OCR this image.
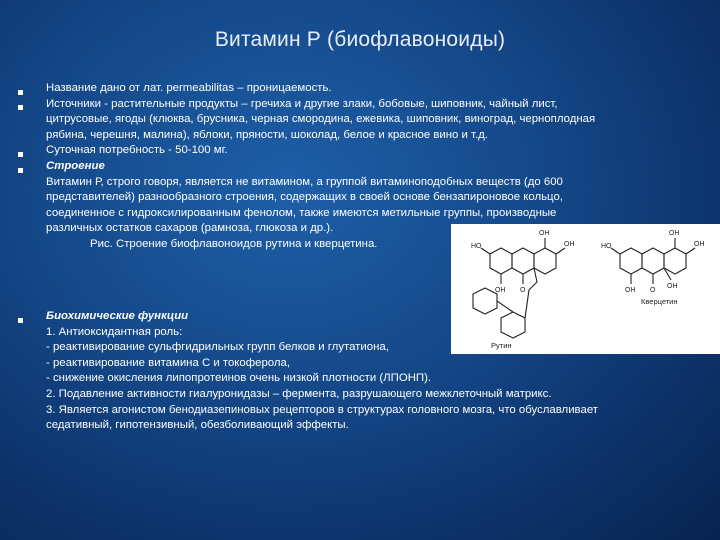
Витамин Р (биофлавоноиды)
Название дано от лат. permeabilitas – проницаемость.
Источники - растительные продукты – гречиха и другие злаки, бобовые, шиповник, чайный лист,
цитрусовые, ягоды (клюква, брусника, черная смородина, ежевика, шиповник, виноград, черноплодная
рябина, черешня, малина), яблоки, пряности, шоколад, белое и красное вино и т.д.
Суточная потребность - 50-100 мг.
Строение
Витамин Р, строго говоря, является не витамином, а группой витаминоподобных веществ (до 600
представителей) разнообразного строения, содержащих в своей основе бензапироновое кольцо,
соединенное с гидроксилированным фенолом, также имеются метильные группы, производные
различных остатков сахаров (рамноза, глюкоза и др.).
Рис. Строение биофлавоноидов рутина и кверцетина.
Биохимические функции
1. Антиоксидантная роль:
- реактивирование сульфгидрильных групп белков и глутатиона,
- реактивирование витамина С и токоферола,
- снижение окисления липопротеинов очень низкой плотности (ЛПОНП).
2. Подавление активности гиалуронидазы – фермента, разрушающего межклеточный матрикс.
3. Является агонистом бенодиазепиновых рецепторов в структурах головного мозга, что обуславливает
седативный, гипотензивный, обезболивающий эффекты.
HO
OH
OH
OH O
HO
OH
OH
OH
OH
O
Кверцетин
Рутин
